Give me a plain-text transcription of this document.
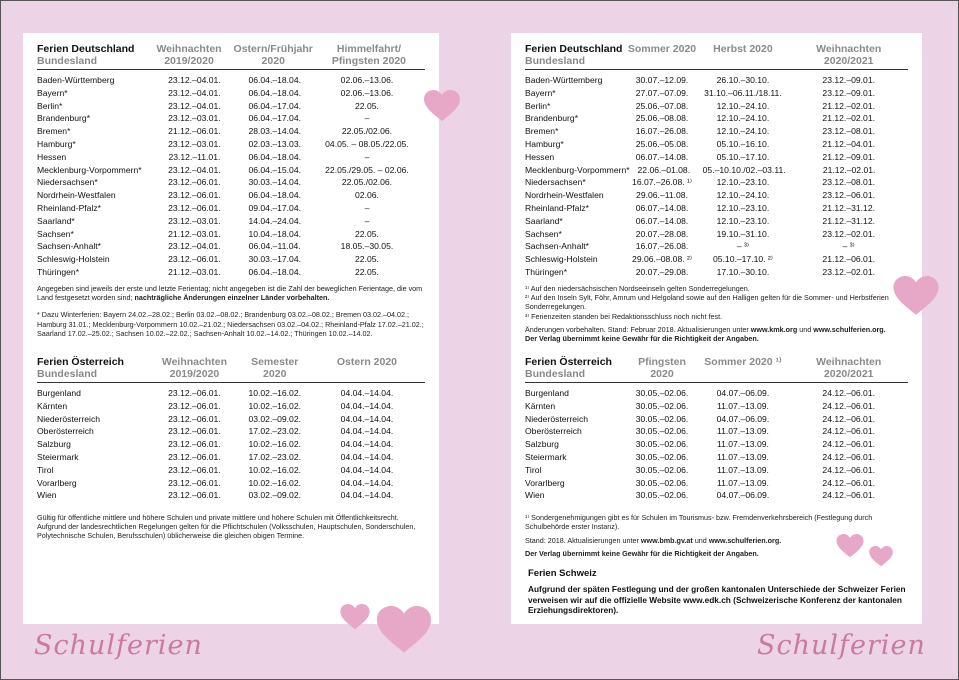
Ferien Deutschland
Bundesland
Weihnachten
2019/2020
Ostern/Frühjahr
2020
Himmelfahrt/
Pfingsten 2020
Baden-Württemberg	23.12.–04.01.	06.04.–18.04.	02.06.–13.06.
Bayern*	23.12.–04.01.	06.04.–18.04.	02.06.–13.06.
Berlin*	23.12.–04.01.	06.04.–17.04.	22.05.
Brandenburg*	23.12.–03.01.	06.04.–17.04.	–
Bremen*	21.12.–06.01.	28.03.–14.04.	22.05./02.06.
Hamburg*	23.12.–03.01.	02.03.–13.03.	04.05. – 08.05./22.05.
Hessen	23.12.–11.01.	06.04.–18.04.	–
Mecklenburg-Vorpommern*	23.12.–04.01.	06.04.–15.04.	22.05./29.05. – 02.06.
Niedersachsen*	23.12.–06.01.	30.03.–14.04.	22.05./02.06.
Nordrhein-Westfalen	23.12.–06.01.	06.04.–18.04.	02.06.
Rheinland-Pfalz*	23.12.–06.01.	09.04.–17.04.	–
Saarland*	23.12.–03.01.	14.04.–24.04.	–
Sachsen*	21.12.–03.01.	10.04.–18.04.	22.05.
Sachsen-Anhalt*	23.12.–04.01.	06.04.–11.04.	18.05.–30.05.
Schleswig-Holstein	23.12.–06.01.	30.03.–17.04.	22.05.
Thüringen*	21.12.–03.01.	06.04.–18.04.	22.05.

Angegeben sind jeweils der erste und letzte Ferientag; nicht angegeben ist die Zahl der beweglichen Ferientage, die vom Land festgesetzt worden sind; nachträgliche Änderungen einzelner Länder vorbehalten.

* Dazu Winterferien: Bayern 24.02.–28.02.; Berlin 03.02.–08.02.; Brandenburg 03.02.–08.02.; Bremen 03.02.–04.02.; Hamburg 31.01.; Mecklenburg-Vorpommern 10.02.–21.02.; Niedersachsen 03.02.–04.02.; Rheinland-Pfalz 17.02.–21.02.; Saarland 17.02.–25.02.; Sachsen 10.02.–22.02.; Sachsen-Anhalt 10.02.–14.02.; Thüringen 10.02.–14.02.

Ferien Österreich
Bundesland
Weihnachten
2019/2020
Semester 2020
Ostern 2020
Burgenland	23.12.–06.01.	10.02.–16.02.	04.04.–14.04.
Kärnten	23.12.–06.01.	10.02.–16.02.	04.04.–14.04.
Niederösterreich	23.12.–06.01.	03.02.–09.02.	04.04.–14.04.
Oberösterreich	23.12.–06.01.	17.02.–23.02.	04.04.–14.04.
Salzburg	23.12.–06.01.	10.02.–16.02.	04.04.–14.04.
Steiermark	23.12.–06.01.	17.02.–23.02.	04.04.–14.04.
Tirol	23.12.–06.01.	10.02.–16.02.	04.04.–14.04.
Vorarlberg	23.12.–06.01.	10.02.–16.02.	04.04.–14.04.
Wien	23.12.–06.01.	03.02.–09.02.	04.04.–14.04.
Gültig für öffentliche mittlere und höhere Schulen und private mittlere und höhere Schulen mit Öffentlichkeitsrecht. Aufgrund der landesrechtlichen Regelungen gelten für die Pflichtschulen (Volksschulen, Hauptschulen, Sonderschulen, Polytechnische Schulen, Berufsschulen) üblicherweise die gleichen obigen Termine.
Ferien Deutschland
Bundesland
Sommer 2020	Herbst 2020	Weihnachten
2020/2021
Baden-Württemberg	30.07.–12.09.	26.10.–30.10.	23.12.–09.01.
Bayern*	27.07.–07.09.	31.10.–06.11./18.11.	23.12.–09.01.
Berlin*	25.06.–07.08.	12.10.–24.10.	21.12.–02.01.
Brandenburg*	25.06.–08.08.	12.10.–24.10.	21.12.–02.01.
Bremen*	16.07.–26.08.	12.10.–24.10.	23.12.–08.01.
Hamburg*	25.06.–05.08.	05.10.–16.10.	21.12.–04.01.
Hessen	06.07.–14.08.	05.10.–17.10.	21.12.–09.01.
Mecklenburg-Vorpommern* 22.06.–01.08.	05.–10.10./02.–03.11.	21.12.–02.01.
Niedersachsen*	16.07.–26.08. ¹⁾	12.10.–23.10.	23.12.–08.01.
Nordrhein-Westfalen	29.06.–11.08.	12.10.–24.10.	23.12.–06.01.
Rheinland-Pfalz*	06.07.–14.08.	12.10.–23.10.	21.12.–31.12.
Saarland*	06.07.–14.08.	12.10.–23.10.	21.12.–31.12.
Sachsen*	20.07.–28.08.	19.10.–31.10.	23.12.–02.01.
Sachsen-Anhalt*	16.07.–26.08.	– ³⁾	– ³⁾
Schleswig-Holstein	29.06.–08.08. ²⁾	05.10.–17.10. ²⁾	21.12.–06.01.
Thüringen*	20.07.–29.08.	17.10.–30.10.	23.12.–02.01.

¹⁾ Auf den niedersächsischen Nordseeinseln gelten Sonderregelungen.

²⁾ Auf den Inseln Sylt, Föhr, Amrum und Helgoland sowie auf den Halligen gelten für die Sommer- und Herbstferien Sonderregelungen.

³⁾ Ferienzeiten standen bei Redaktionsschluss noch nicht fest.

Änderungen vorbehalten. Stand: Februar 2018. Aktualisierungen unter www.kmk.org und www.schulferien.org.

Der Verlag übernimmt keine Gewähr für die Richtigkeit der Angaben.

Ferien Österreich
Bundesland
Pfingsten 2020
Sommer 2020 ¹⁾	Weihnachten
2020/2021
Burgenland	30.05.–02.06.	04.07.–06.09.	24.12.–06.01.
Kärnten	30.05.–02.06.	11.07.–13.09.	24.12.–06.01.
Niederösterreich	30.05.–02.06.	04.07.–06.09.	24.12.–06.01.
Oberösterreich	30.05.–02.06.	11.07.–13.09.	24.12.–06.01.
Salzburg	30.05.–02.06.	11.07.–13.09.	24.12.–06.01.
Steiermark	30.05.–02.06.	11.07.–13.09.	24.12.–06.01.
Tirol	30.05.–02.06.	11.07.–13.09.	24.12.–06.01.
Vorarlberg	30.05.–02.06.	11.07.–13.09.	24.12.–06.01.
Wien	30.05.–02.06.	04.07.–06.09.	24.12.–06.01.

¹⁾ Sondergenehmigungen gibt es für Schulen im Tourismus- bzw. Fremdenverkehrsbereich (Festlegung durch Schulbehörde erster Instanz).

Stand: 2018. Aktualisierungen unter www.bmb.gv.at und www.schulferien.org.

Der Verlag übernimmt keine Gewähr für die Richtigkeit der Angaben.

Ferien Schweiz
Aufgrund der späten Festlegung und der großen kantonalen Unterschiede der Schweizer Ferien verweisen wir auf die offizielle Website www.edk.ch (Schweizerische Konferenz der kantonalen Erziehungsdirektoren).
Schulferien	Schulferien
